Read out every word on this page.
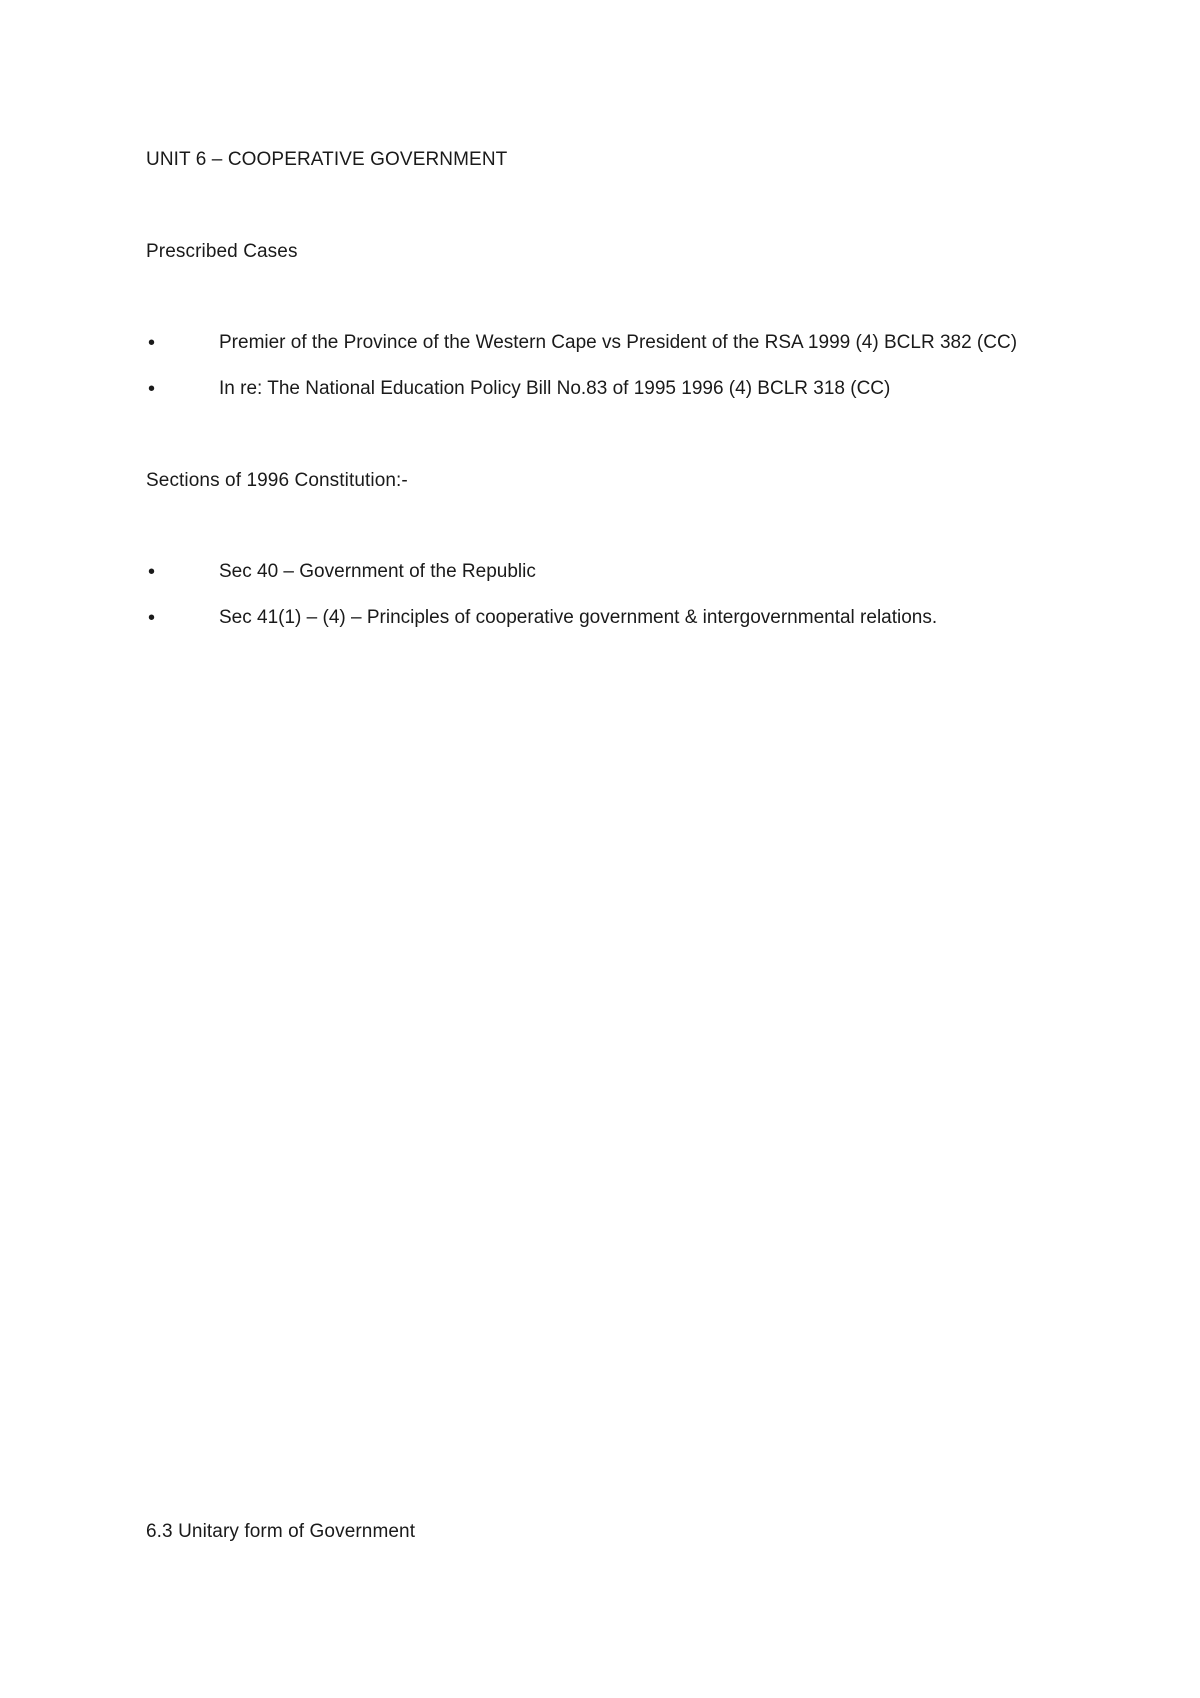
UNIT 6 – COOPERATIVE GOVERNMENT
Prescribed Cases
•	Premier of the Province of the Western Cape vs President of the RSA 1999 (4) BCLR 382 (CC)
•	In re: The National Education Policy Bill No.83 of 1995 1996 (4) BCLR 318 (CC)
Sections of 1996 Constitution:-
•	Sec 40 – Government of the Republic
•	Sec 41(1) – (4) – Principles of cooperative government & intergovernmental relations.
6.3 Unitary form of Government
